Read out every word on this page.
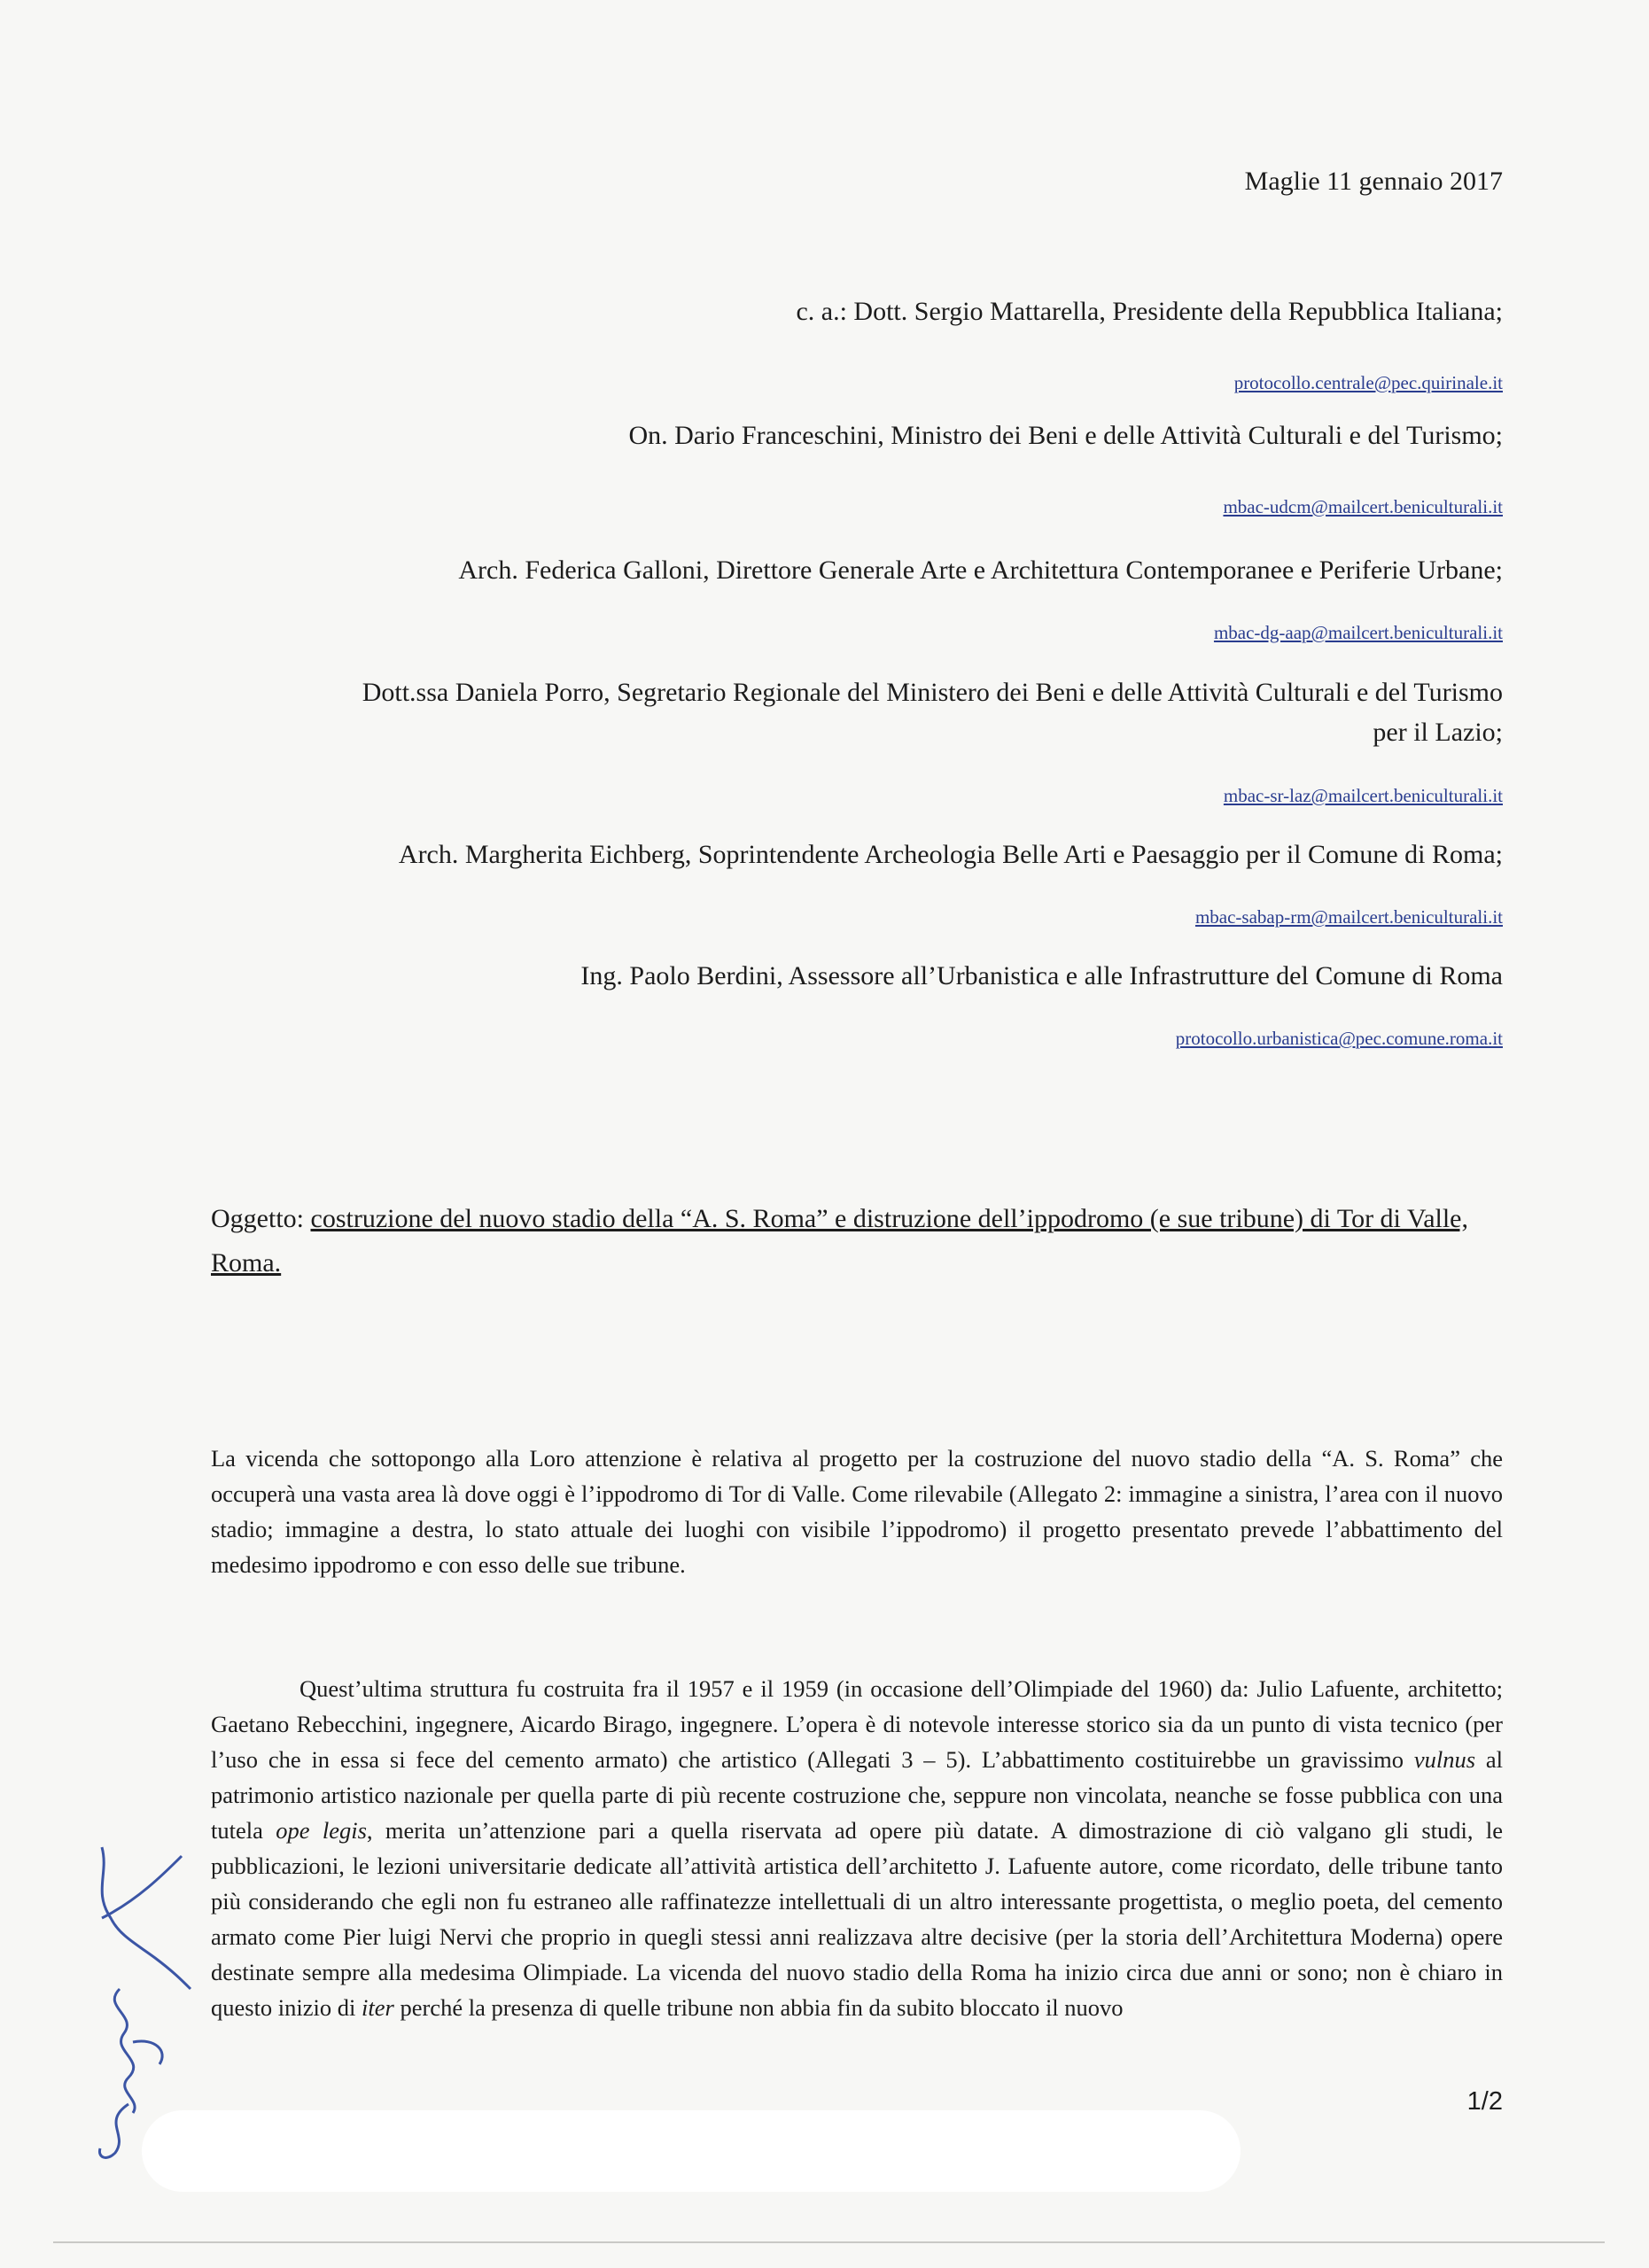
Maglie 11 gennaio 2017
c. a.: Dott. Sergio Mattarella, Presidente della Repubblica Italiana;
protocollo.centrale@pec.quirinale.it
On. Dario Franceschini, Ministro dei Beni e delle Attività Culturali e del Turismo;
mbac-udcm@mailcert.beniculturali.it
Arch. Federica Galloni, Direttore Generale Arte e Architettura Contemporanee e Periferie Urbane;
mbac-dg-aap@mailcert.beniculturali.it
Dott.ssa Daniela Porro, Segretario Regionale del Ministero dei Beni e delle Attività Culturali e del Turismo
per il Lazio;
mbac-sr-laz@mailcert.beniculturali.it
Arch. Margherita Eichberg, Soprintendente Archeologia Belle Arti e Paesaggio per il Comune di Roma;
mbac-sabap-rm@mailcert.beniculturali.it
Ing. Paolo Berdini, Assessore all’Urbanistica e alle Infrastrutture del Comune di Roma
protocollo.urbanistica@pec.comune.roma.it
Oggetto: costruzione del nuovo stadio della “A. S. Roma” e distruzione dell’ippodromo (e sue tribune) di Tor di Valle, Roma.
La vicenda che sottopongo alla Loro attenzione è relativa al progetto per la costruzione del nuovo stadio della “A. S. Roma” che occuperà una vasta area là dove oggi è l’ippodromo di Tor di Valle. Come rilevabile (Allegato 2: immagine a sinistra, l’area con il nuovo stadio; immagine a destra, lo stato attuale dei luoghi con visibile l’ippodromo) il progetto presentato prevede l’abbattimento del medesimo ippodromo e con esso delle sue tribune.
Quest’ultima struttura fu costruita fra il 1957 e il 1959 (in occasione dell’Olimpiade del 1960) da: Julio Lafuente, architetto; Gaetano Rebecchini, ingegnere, Aicardo Birago, ingegnere. L’opera è di notevole interesse storico sia da un punto di vista tecnico (per l’uso che in essa si fece del cemento armato) che artistico (Allegati 3 – 5). L’abbattimento costituirebbe un gravissimo vulnus al patrimonio artistico nazionale per quella parte di più recente costruzione che, seppure non vincolata, neanche se fosse pubblica con una tutela ope legis, merita un’attenzione pari a quella riservata ad opere più datate. A dimostrazione di ciò valgano gli studi, le pubblicazioni, le lezioni universitarie dedicate all’attività artistica dell’architetto J. Lafuente autore, come ricordato, delle tribune tanto più considerando che egli non fu estraneo alle raffinatezze intellettuali di un altro interessante progettista, o meglio poeta, del cemento armato come Pier luigi Nervi che proprio in quegli stessi anni realizzava altre decisive (per la storia dell’Architettura Moderna) opere destinate sempre alla medesima Olimpiade. La vicenda del nuovo stadio della Roma ha inizio circa due anni or sono; non è chiaro in questo inizio di iter perché la presenza di quelle tribune non abbia fin da subito bloccato il nuovo
1/2
